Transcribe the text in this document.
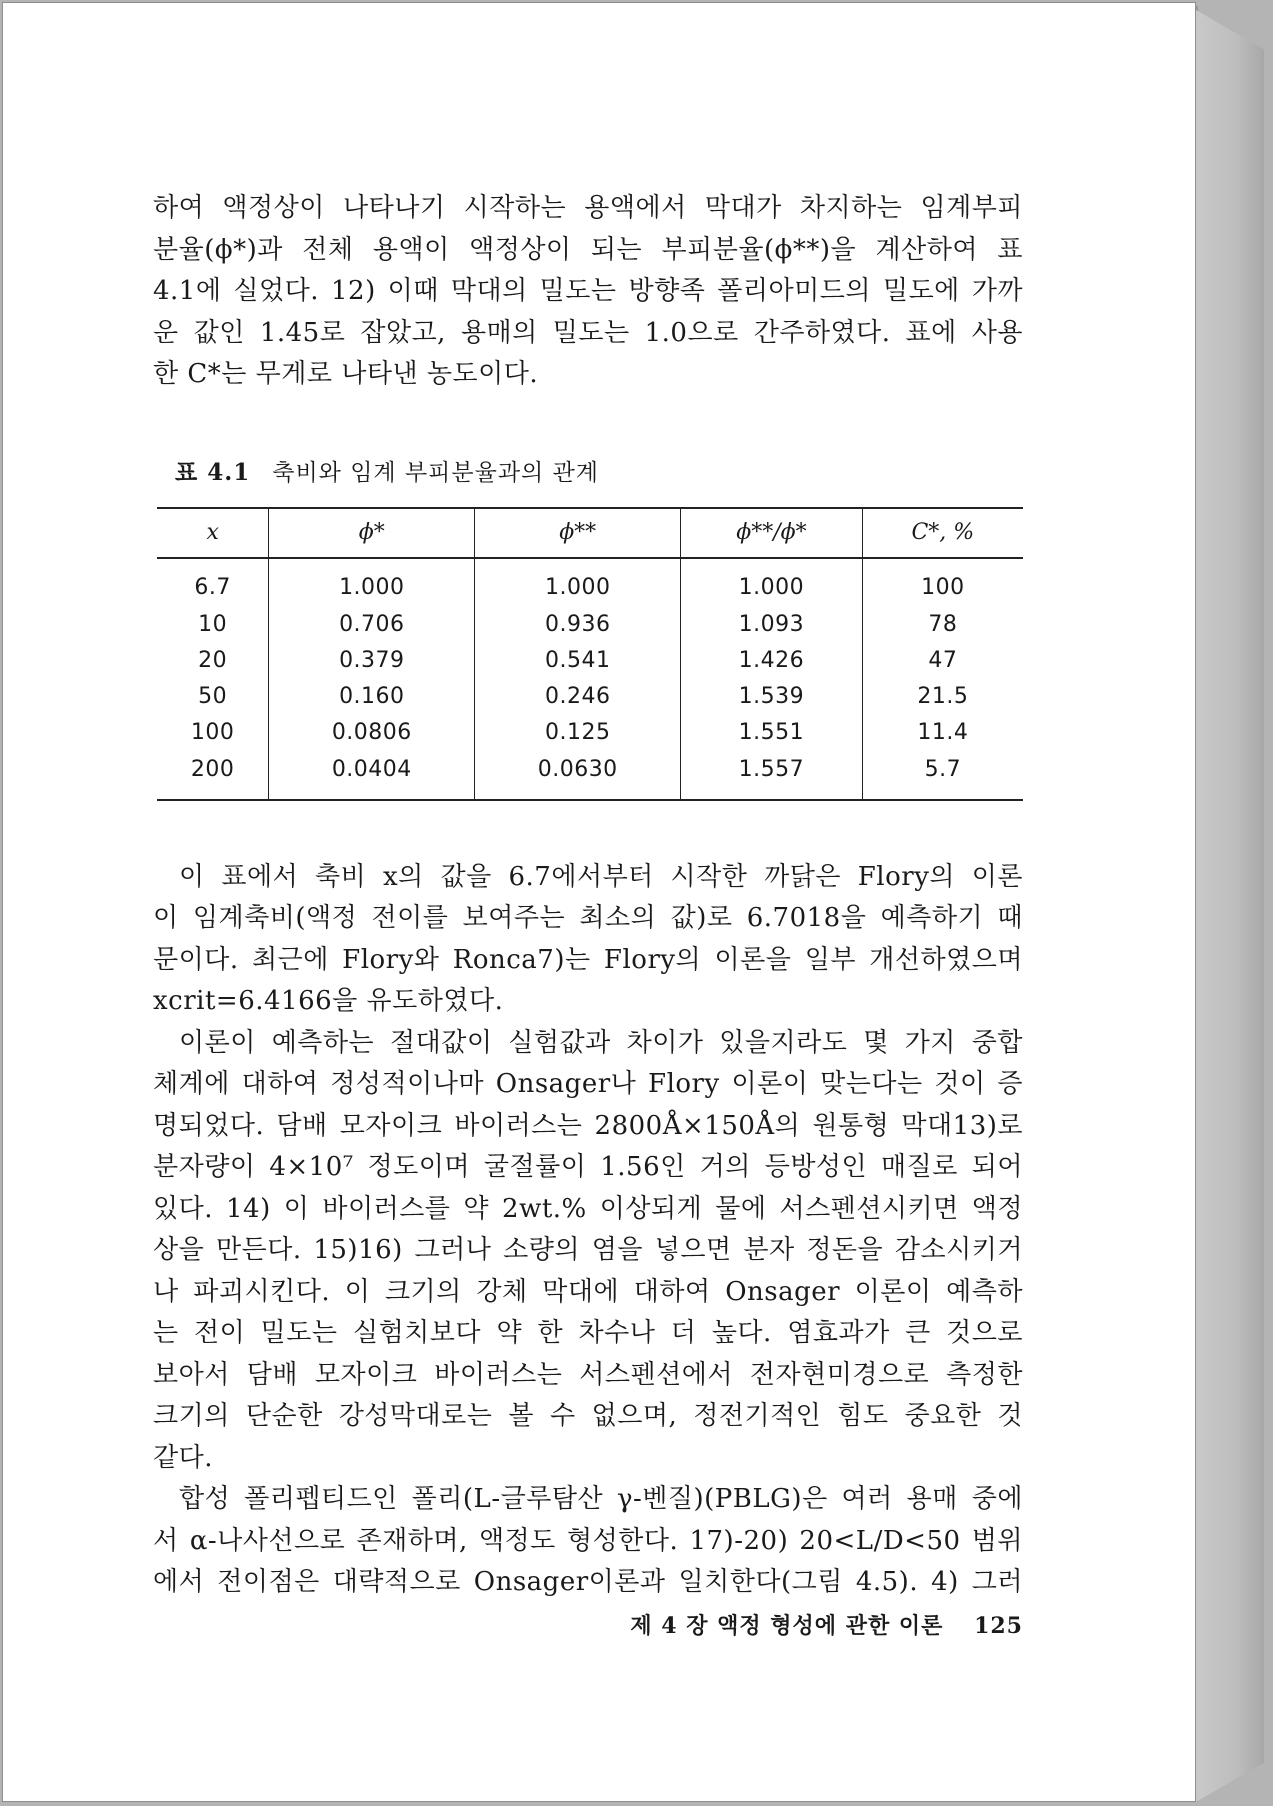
하여 액정상이 나타나기 시작하는 용액에서 막대가 차지하는 임계부피

분율(ϕ*)과 전체 용액이 액정상이 되는 부피분율(ϕ**)을 계산하여 표

4.1에 실었다. 12) 이때 막대의 밀도는 방향족 폴리아미드의 밀도에 가까

운 값인 1.45로 잡았고, 용매의 밀도는 1.0으로 간주하였다. 표에 사용

한 C*는 무게로 나타낸 농도이다.

표 4.1 축비와 임계 부피분율과의 관계
x	ϕ*	ϕ**	ϕ**/ϕ*	C*, %
6.7	1.000	1.000	1.000	100
10	0.706	0.936	1.093	78
20	0.379	0.541	1.426	47
50	0.160	0.246	1.539	21.5
100	0.0806	0.125	1.551	11.4
200	0.0404	0.0630	1.557	5.7

이 표에서 축비 x의 값을 6.7에서부터 시작한 까닭은 Flory의 이론

이 임계축비(액정 전이를 보여주는 최소의 값)로 6.7018을 예측하기 때

문이다. 최근에 Flory와 Ronca7)는 Flory의 이론을 일부 개선하였으며

xcrit=6.4166을 유도하였다.

이론이 예측하는 절대값이 실험값과 차이가 있을지라도 몇 가지 중합

체계에 대하여 정성적이나마 Onsager나 Flory 이론이 맞는다는 것이 증

명되었다. 담배 모자이크 바이러스는 2800Å×150Å의 원통형 막대13)로

분자량이 4×10⁷ 정도이며 굴절률이 1.56인 거의 등방성인 매질로 되어

있다. 14) 이 바이러스를 약 2wt.% 이상되게 물에 서스펜션시키면 액정

상을 만든다. 15)16) 그러나 소량의 염을 넣으면 분자 정돈을 감소시키거

나 파괴시킨다. 이 크기의 강체 막대에 대하여 Onsager 이론이 예측하

는 전이 밀도는 실험치보다 약 한 차수나 더 높다. 염효과가 큰 것으로

보아서 담배 모자이크 바이러스는 서스펜션에서 전자현미경으로 측정한

크기의 단순한 강성막대로는 볼 수 없으며, 정전기적인 힘도 중요한 것

같다.

합성 폴리펩티드인 폴리(L-글루탐산 γ-벤질)(PBLG)은 여러 용매 중에

서 α-나사선으로 존재하며, 액정도 형성한다. 17)-20) 20<L/D<50 범위

에서 전이점은 대략적으로 Onsager이론과 일치한다(그림 4.5). 4) 그러

제 4 장 액정 형성에 관한 이론 125
